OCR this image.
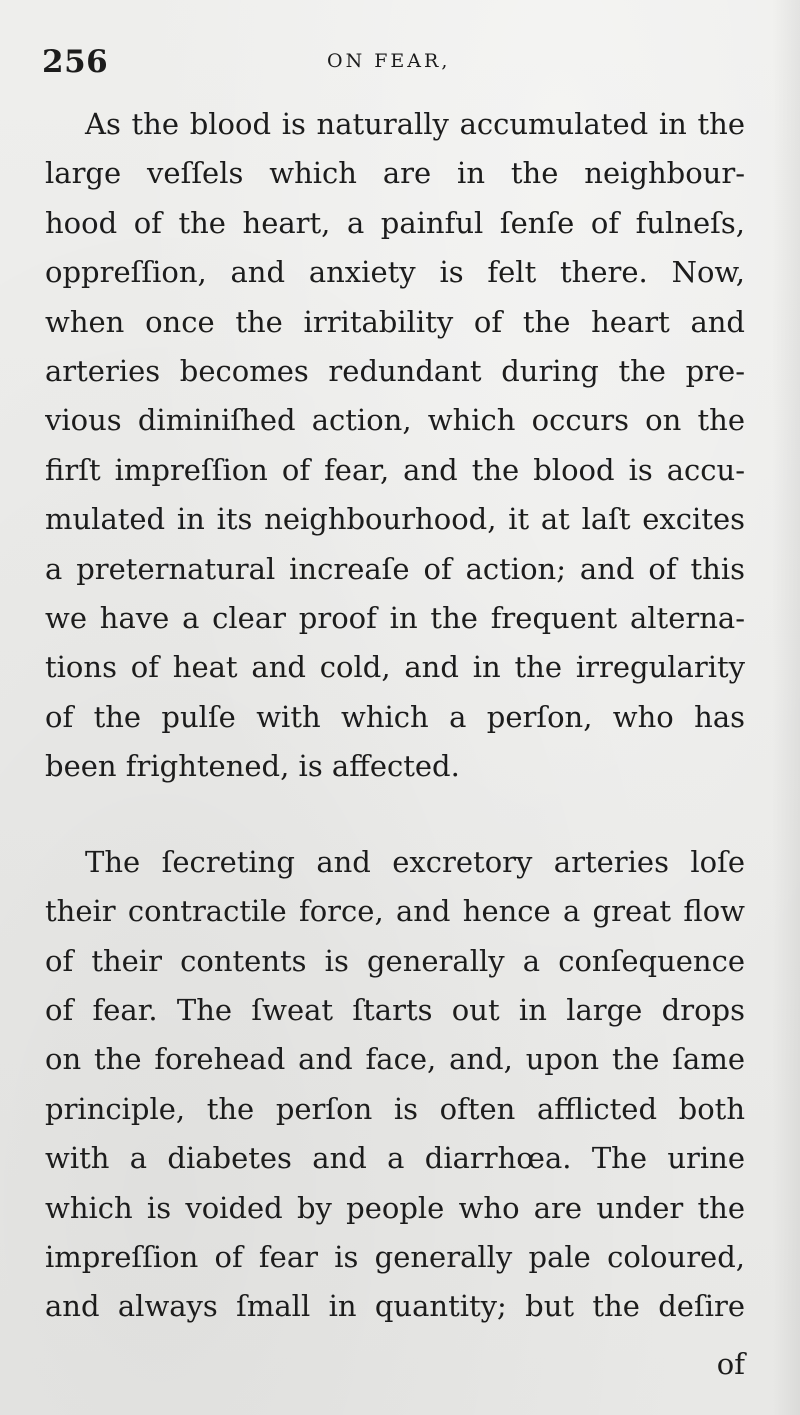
256	ON FEAR,

As the blood is naturally accumulated in the
large veſſels which are in the neighbour-
hood of the heart, a painful ſenſe of fulneſs,
oppreſſion, and anxiety is felt there. Now,
when once the irritability of the heart and
arteries becomes redundant during the pre-
vious diminiſhed action, which occurs on the
firſt impreſſion of fear, and the blood is accu-
mulated in its neighbourhood, it at laſt excites
a preternatural increaſe of action; and of this
we have a clear proof in the frequent alterna-
tions of heat and cold, and in the irregularity
of the pulſe with which a perſon, who has
been frightened, is affected.

The ſecreting and excretory arteries loſe
their contractile force, and hence a great flow
of their contents is generally a conſequence
of fear. The ſweat ſtarts out in large drops
on the forehead and face, and, upon the ſame
principle, the perſon is often afflicted both
with a diabetes and a diarrhœa. The urine
which is voided by people who are under the
impreſſion of fear is generally pale coloured,
and always ſmall in quantity; but the deſire

of
